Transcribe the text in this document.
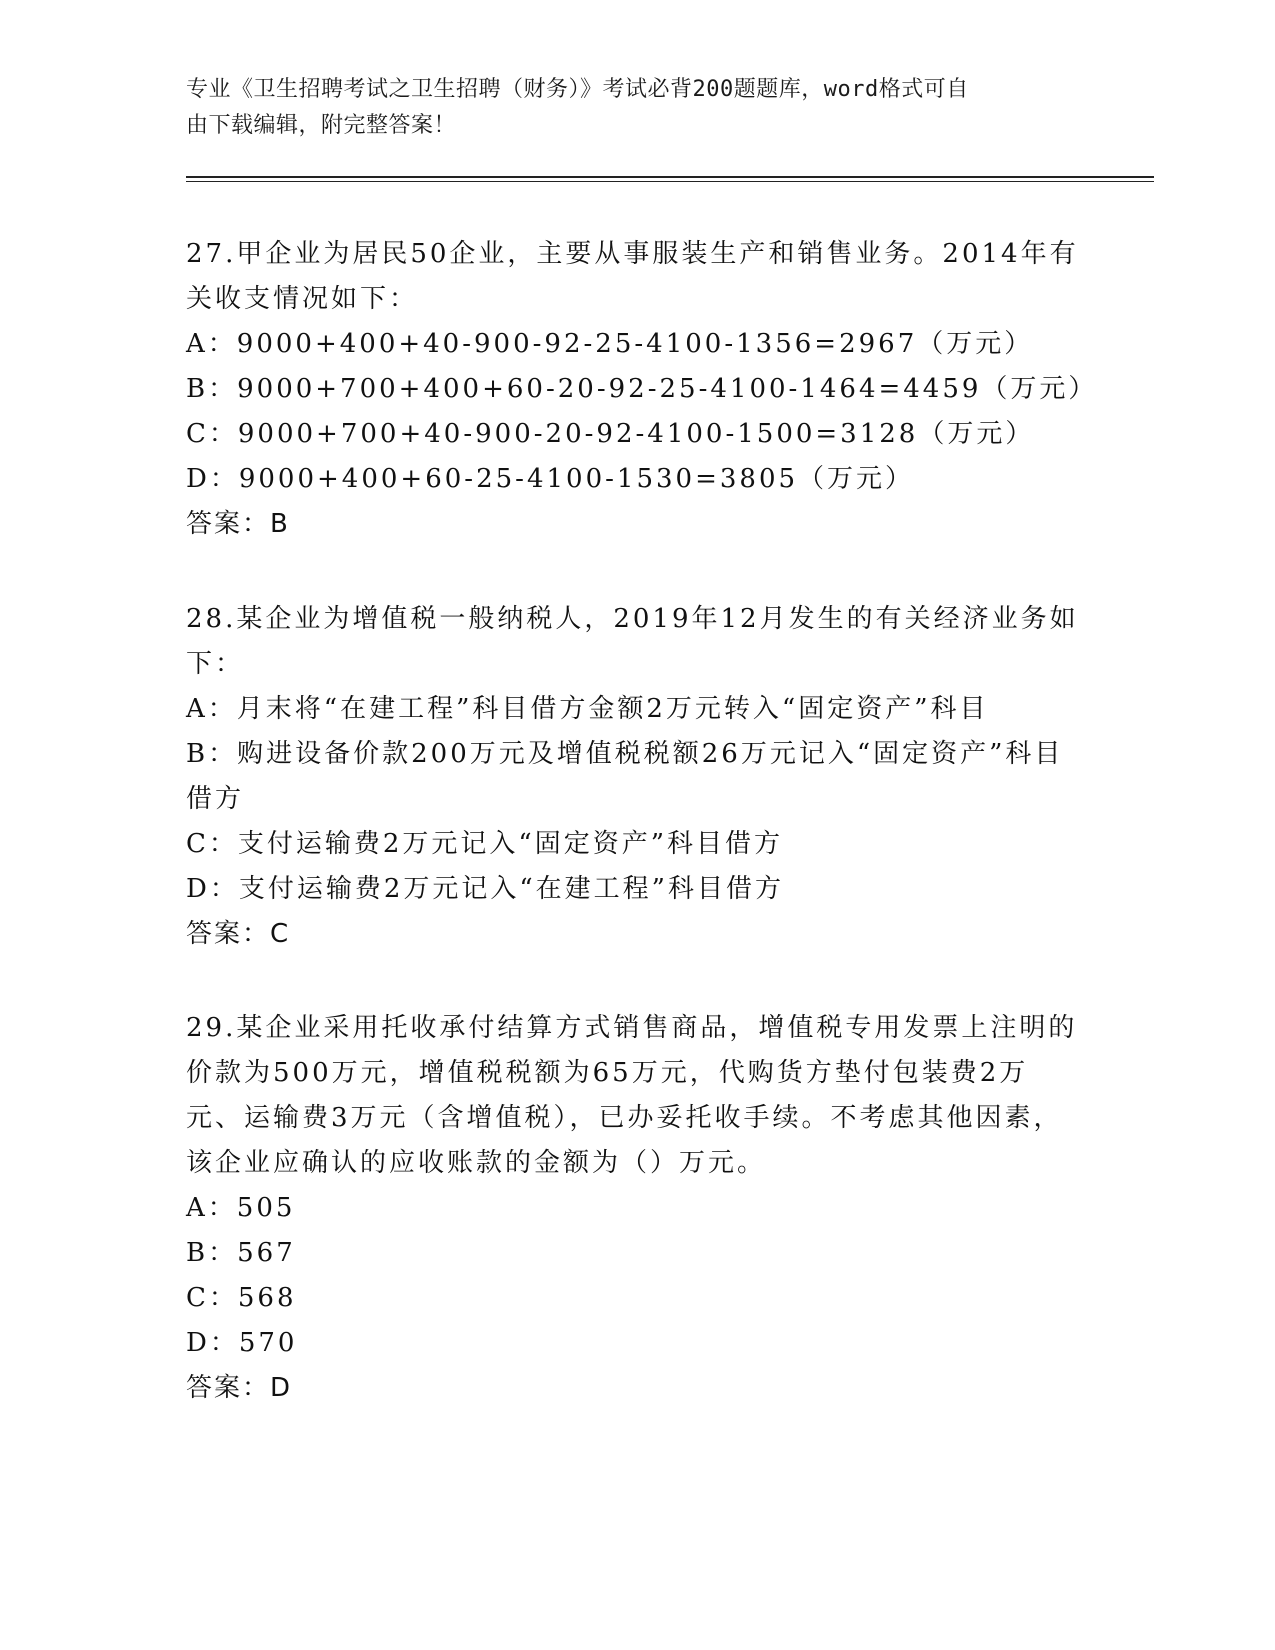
专业《卫生招聘考试之卫生招聘（财务）》考试必背200题题库，word格式可自
由下载编辑，附完整答案！

27.甲企业为居民50企业，主要从事服装生产和销售业务。2014年有关收支情况如下：

A：9000+400+40-900-92-25-4100-1356=2967（万元）

B：9000+700+400+60-20-92-25-4100-1464=4459（万元）

C：9000+700+40-900-20-92-4100-1500=3128（万元）

D：9000+400+60-25-4100-1530=3805（万元）

答案：B

28.某企业为增值税一般纳税人，2019年12月发生的有关经济业务如下：

A：月末将“在建工程”科目借方金额2万元转入“固定资产”科目

B：购进设备价款200万元及增值税税额26万元记入“固定资产”科目借方

C：支付运输费2万元记入“固定资产”科目借方

D：支付运输费2万元记入“在建工程”科目借方

答案：C

29.某企业采用托收承付结算方式销售商品，增值税专用发票上注明的价款为500万元，增值税税额为65万元，代购货方垫付包装费2万元、运输费3万元（含增值税），已办妥托收手续。不考虑其他因素，该企业应确认的应收账款的金额为（）万元。

A：505

B：567

C：568

D：570

答案：D
